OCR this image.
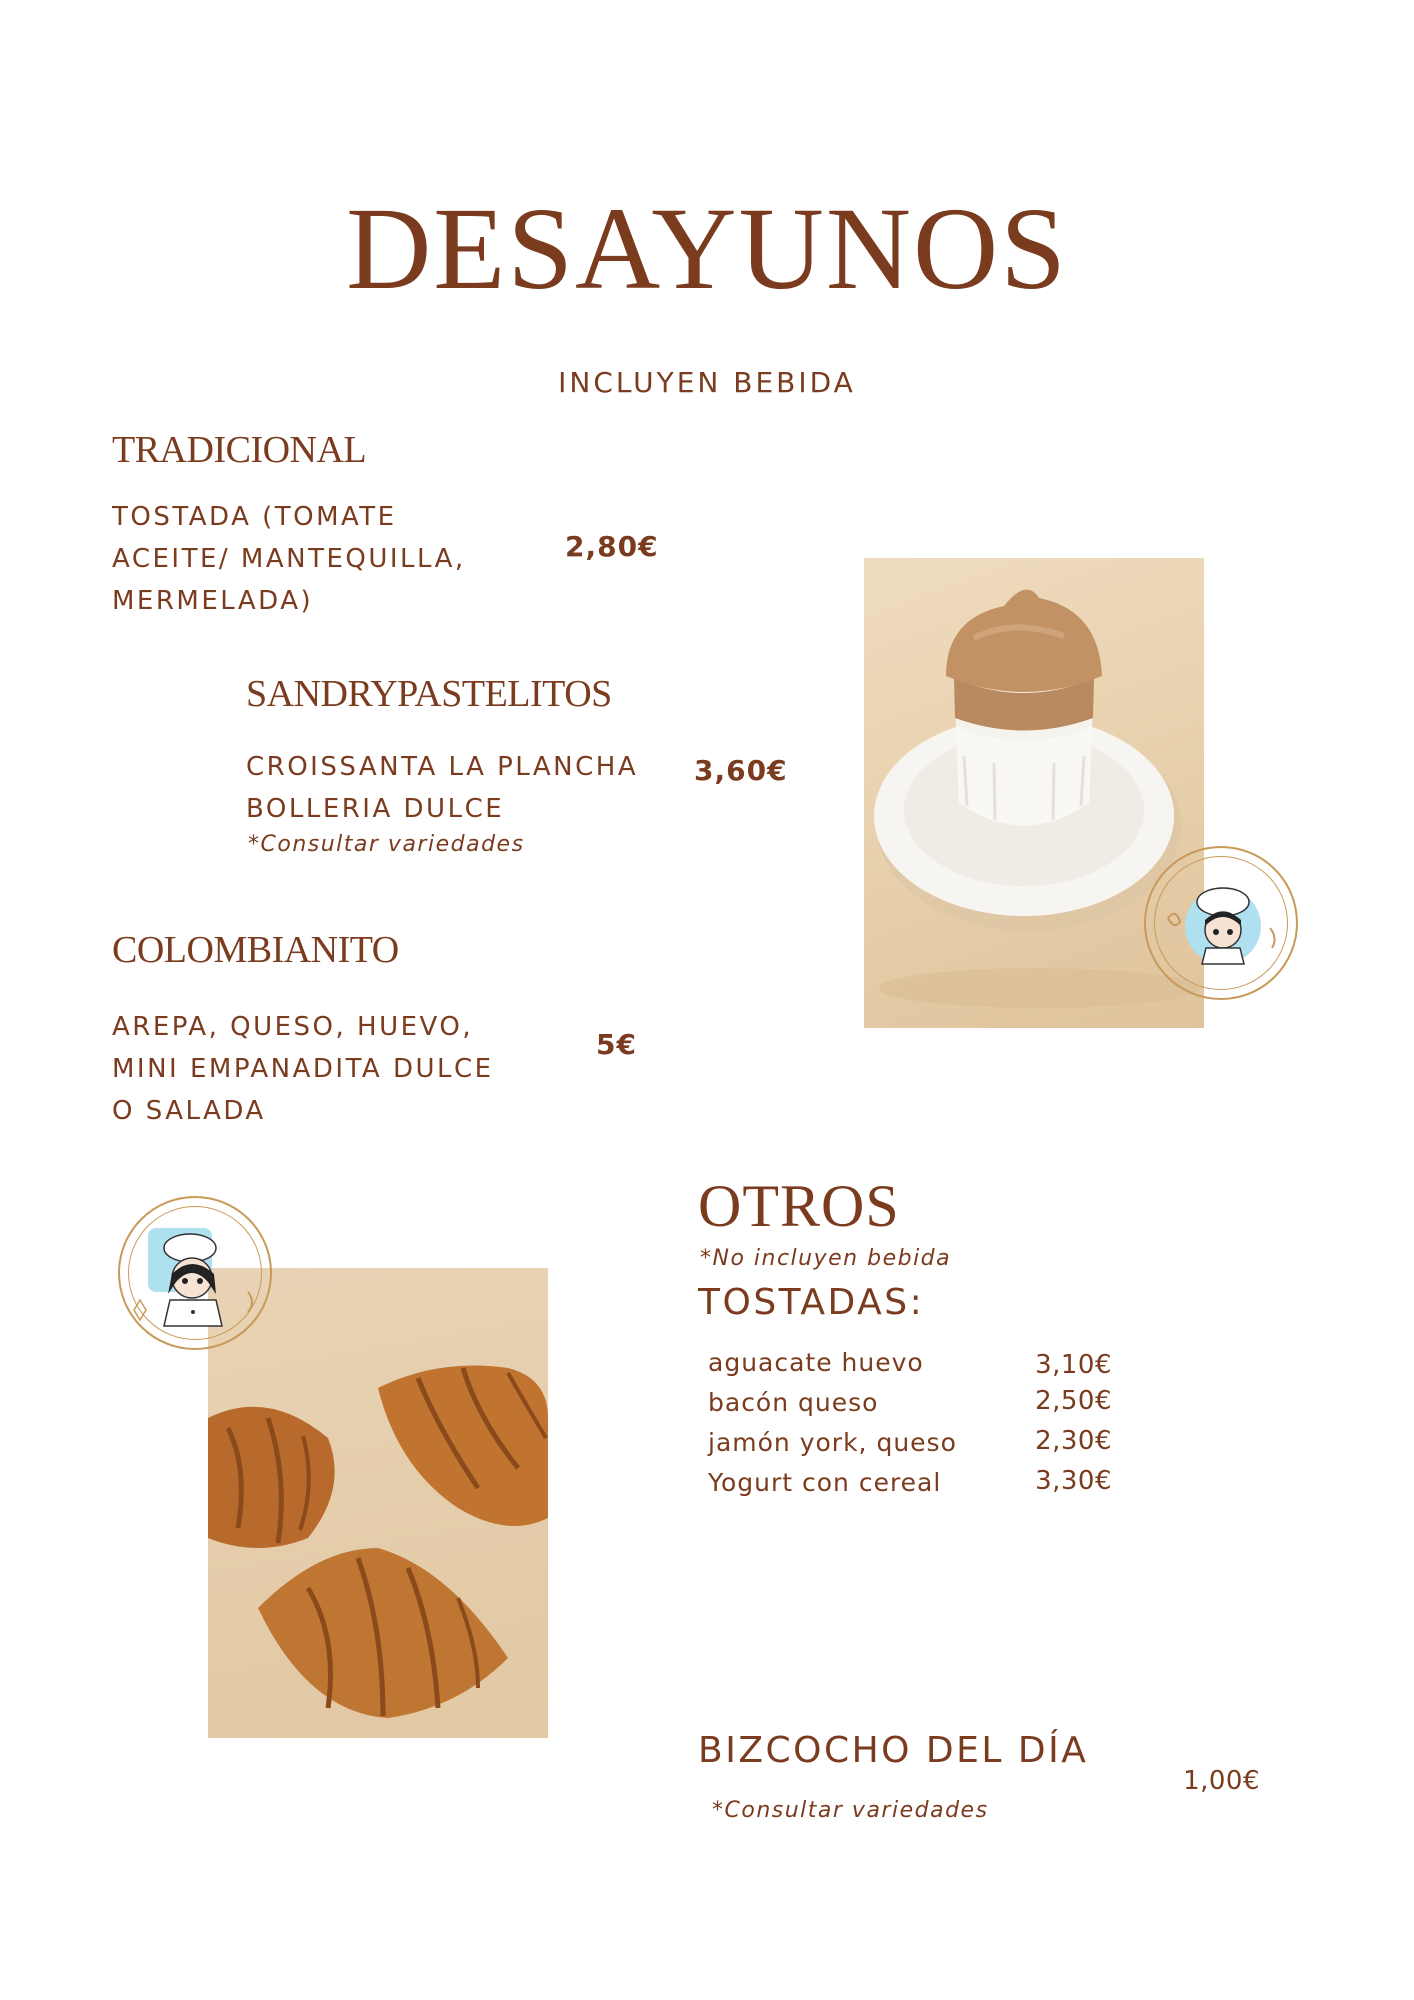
DESAYUNOS
INCLUYEN BEBIDA
TRADICIONAL
TOSTADA (TOMATE
ACEITE/ MANTEQUILLA,
MERMELADA)
2,80€
SANDRYPASTELITOS
CROISSANTA LA PLANCHA
BOLLERIA DULCE
*Consultar variedades
3,60€
COLOMBIANITO
AREPA, QUESO, HUEVO,
MINI EMPANADITA DULCE
O SALADA
5€
OTROS
*No incluyen bebida
TOSTADAS:
aguacate huevo	3,10€
bacón queso	2,50€
jamón york, queso	2,30€
Yogurt con cereal	3,30€
BIZCOCHO DEL DÍA
1,00€
*Consultar variedades
